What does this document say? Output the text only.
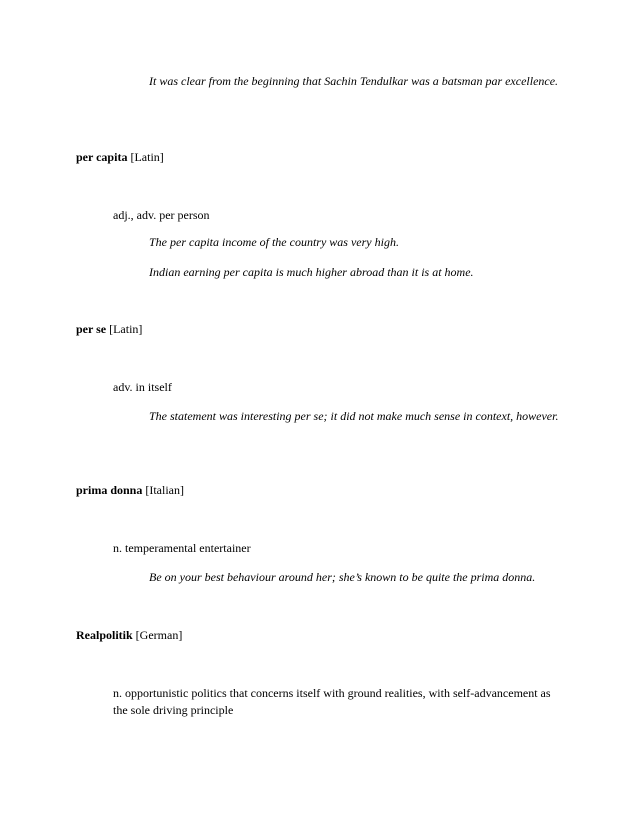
It was clear from the beginning that Sachin Tendulkar was a batsman par excellence.

per capita [Latin]

adj., adv. per person

The per capita income of the country was very high.

Indian earning per capita is much higher abroad than it is at home.

per se [Latin]

adv. in itself

The statement was interesting per se; it did not make much sense in context, however.

prima donna [Italian]

n. temperamental entertainer

Be on your best behaviour around her; she’s known to be quite the prima donna.

Realpolitik [German]

n. opportunistic politics that concerns itself with ground realities, with self-advancement as the sole driving principle
